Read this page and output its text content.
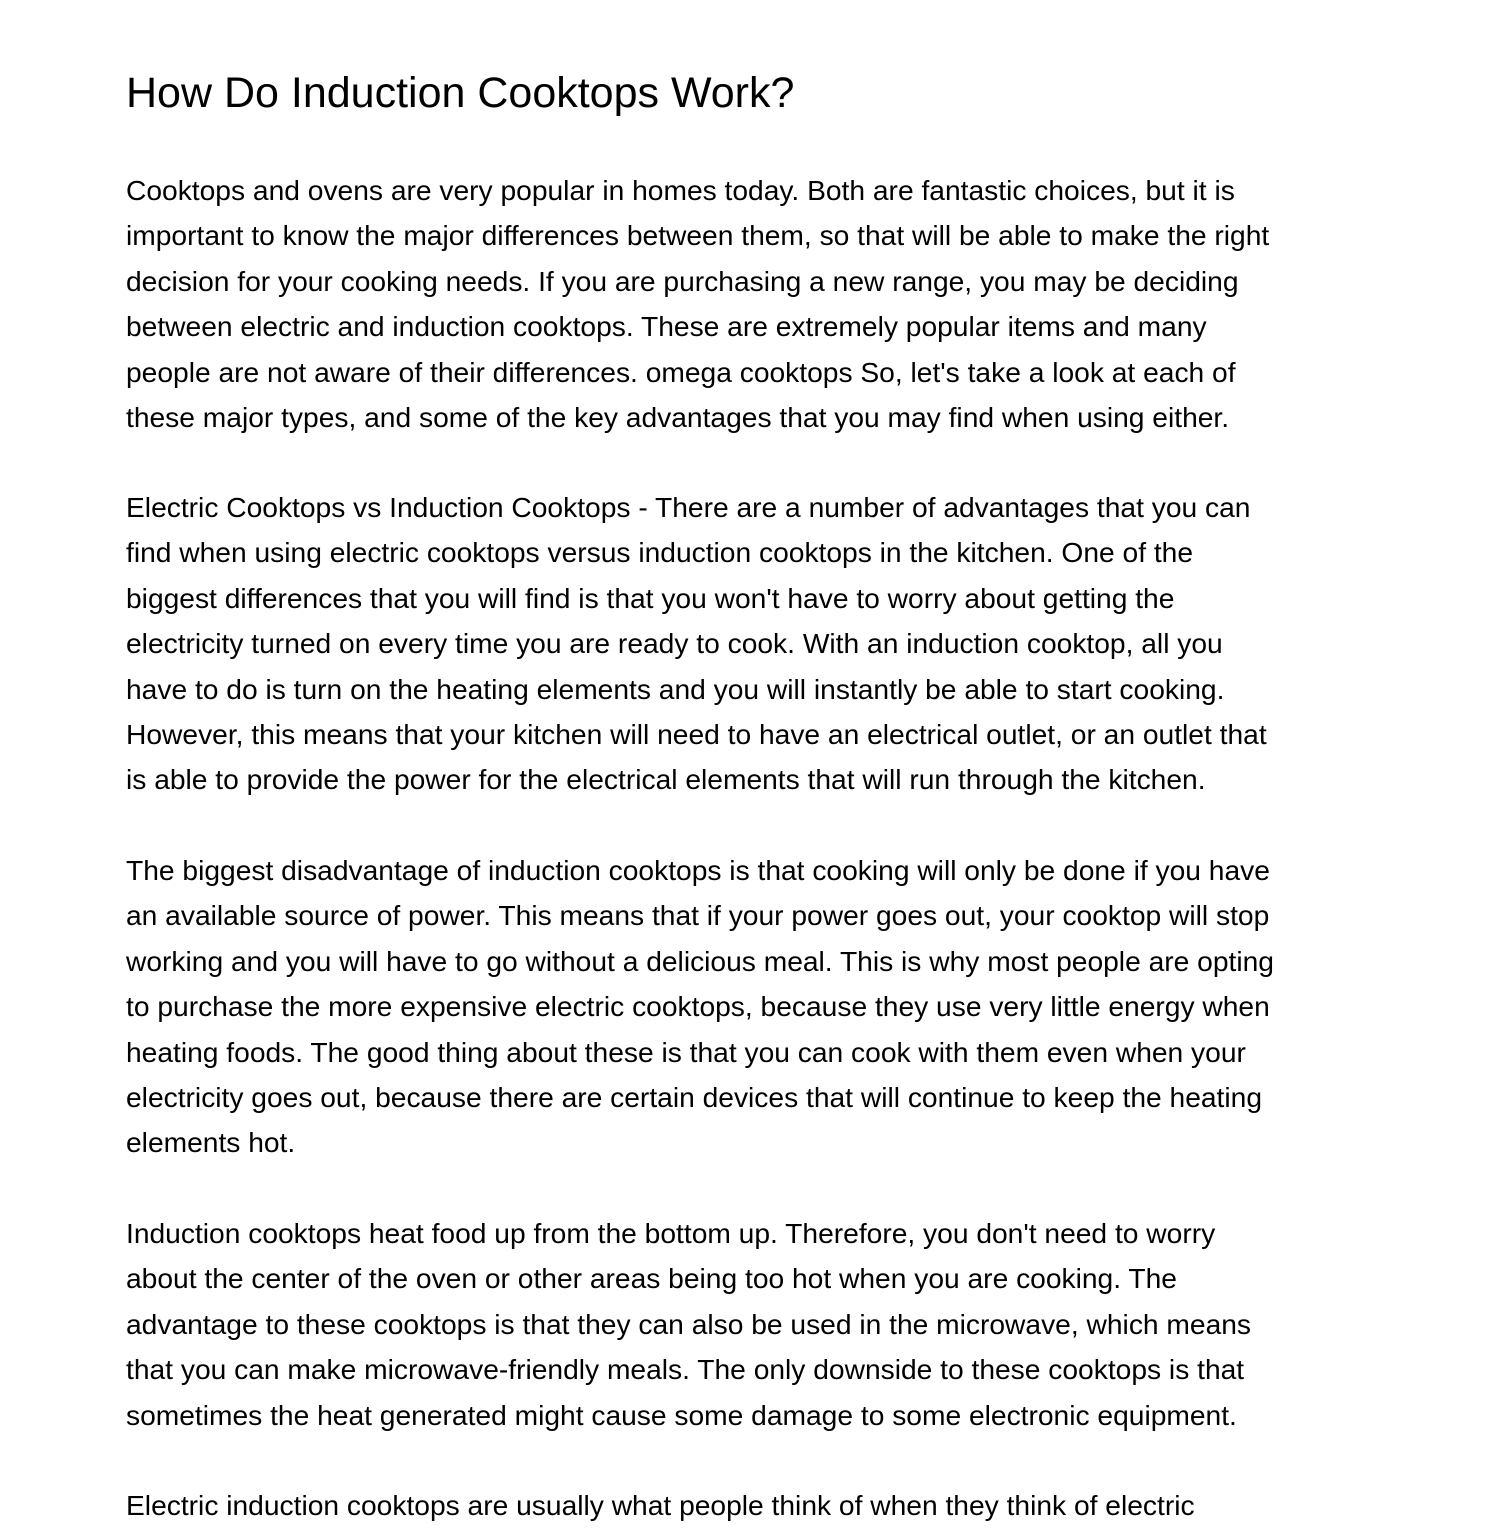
How Do Induction Cooktops Work?

Cooktops and ovens are very popular in homes today. Both are fantastic choices, but it is
important to know the major differences between them, so that will be able to make the right
decision for your cooking needs. If you are purchasing a new range, you may be deciding
between electric and induction cooktops. These are extremely popular items and many
people are not aware of their differences. omega cooktops So, let's take a look at each of
these major types, and some of the key advantages that you may find when using either.

Electric Cooktops vs Induction Cooktops - There are a number of advantages that you can
find when using electric cooktops versus induction cooktops in the kitchen. One of the
biggest differences that you will find is that you won't have to worry about getting the
electricity turned on every time you are ready to cook. With an induction cooktop, all you
have to do is turn on the heating elements and you will instantly be able to start cooking.
However, this means that your kitchen will need to have an electrical outlet, or an outlet that
is able to provide the power for the electrical elements that will run through the kitchen.

The biggest disadvantage of induction cooktops is that cooking will only be done if you have
an available source of power. This means that if your power goes out, your cooktop will stop
working and you will have to go without a delicious meal. This is why most people are opting
to purchase the more expensive electric cooktops, because they use very little energy when
heating foods. The good thing about these is that you can cook with them even when your
electricity goes out, because there are certain devices that will continue to keep the heating
elements hot.

Induction cooktops heat food up from the bottom up. Therefore, you don't need to worry
about the center of the oven or other areas being too hot when you are cooking. The
advantage to these cooktops is that they can also be used in the microwave, which means
that you can make microwave-friendly meals. The only downside to these cooktops is that
sometimes the heat generated might cause some damage to some electronic equipment.

Electric induction cooktops are usually what people think of when they think of electric
